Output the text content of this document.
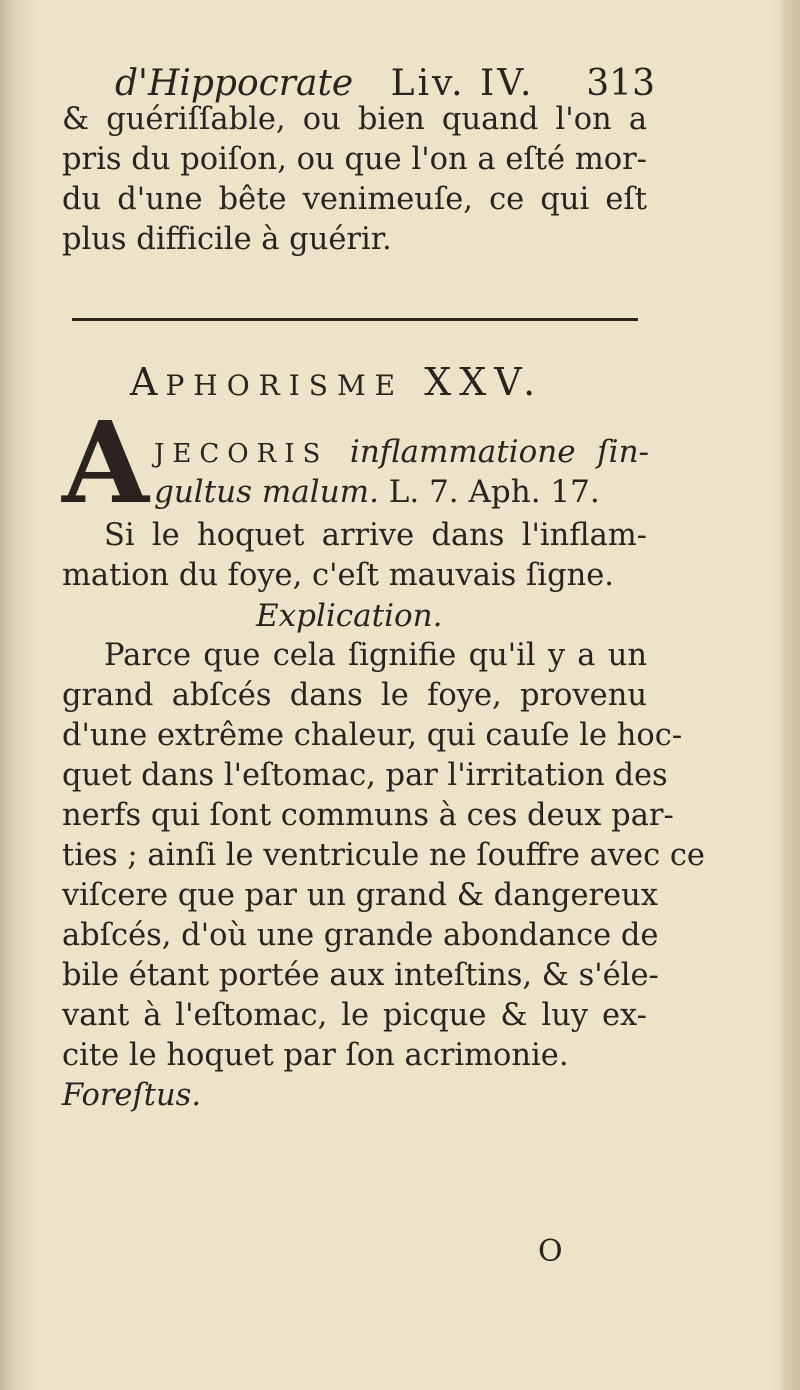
d'Hippocrate Liv. IV. 313
& guériſſable, ou bien quand l'on a
pris du poiſon, ou que l'on a eſté mor-
du d'une bête venimeuſe, ce qui eſt
plus difficile à guérir.
APHORISME XXV.
A JECORIS inflammatione ſin-
gultus malum. L. 7. Aph. 17.
Si le hoquet arrive dans l'inflam-
mation du foye, c'eſt mauvais ſigne.
Explication.
Parce que cela ſignifie qu'il y a un
grand abſcés dans le foye, provenu
d'une extrême chaleur, qui cauſe le hoc-
quet dans l'eſtomac, par l'irritation des
nerfs qui ſont communs à ces deux par-
ties ; ainſi le ventricule ne ſouffre avec ce
viſcere que par un grand & dangereux
abſcés, d'où une grande abondance de
bile étant portée aux inteſtins, & s'éle-
vant à l'eſtomac, le picque & luy ex-
cite le hoquet par ſon acrimonie.
Foreſtus.
O
